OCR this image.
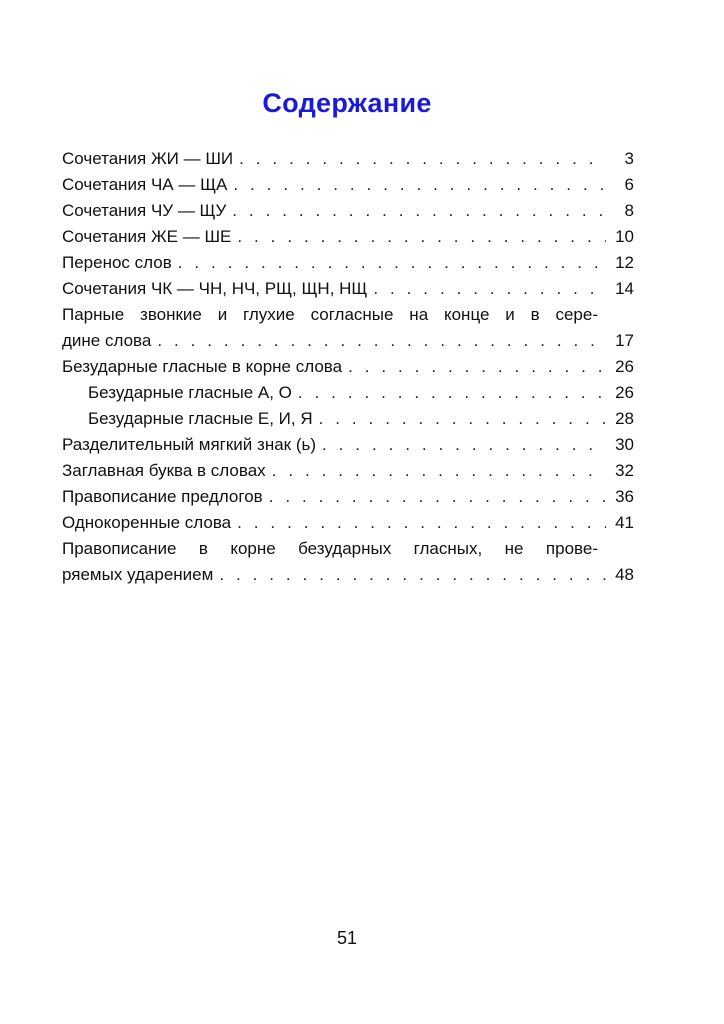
Содержание
Сочетания ЖИ — ШИ . . .	3
Сочетания ЧА — ЩА . . .	6
Сочетания ЧУ — ЩУ . . .	8
Сочетания ЖЕ — ШЕ . . .	10
Перенос слов . . .	12
Сочетания ЧК — ЧН, НЧ, РЩ, ЩН, НЩ . . .	14
Парные звонкие и глухие согласные на конце и в сере-
дине слова . . .	17
Безударные гласные в корне слова . . .	26
Безударные гласные А, О . . .	26
Безударные гласные Е, И, Я . . .	28
Разделительный мягкий знак (ь) . . .	30
Заглавная буква в словах . . .	32
Правописание предлогов . . .	36
Однокоренные слова . . .	41
Правописание в корне безударных гласных, не прове-
ряемых ударением . . .	48
51
